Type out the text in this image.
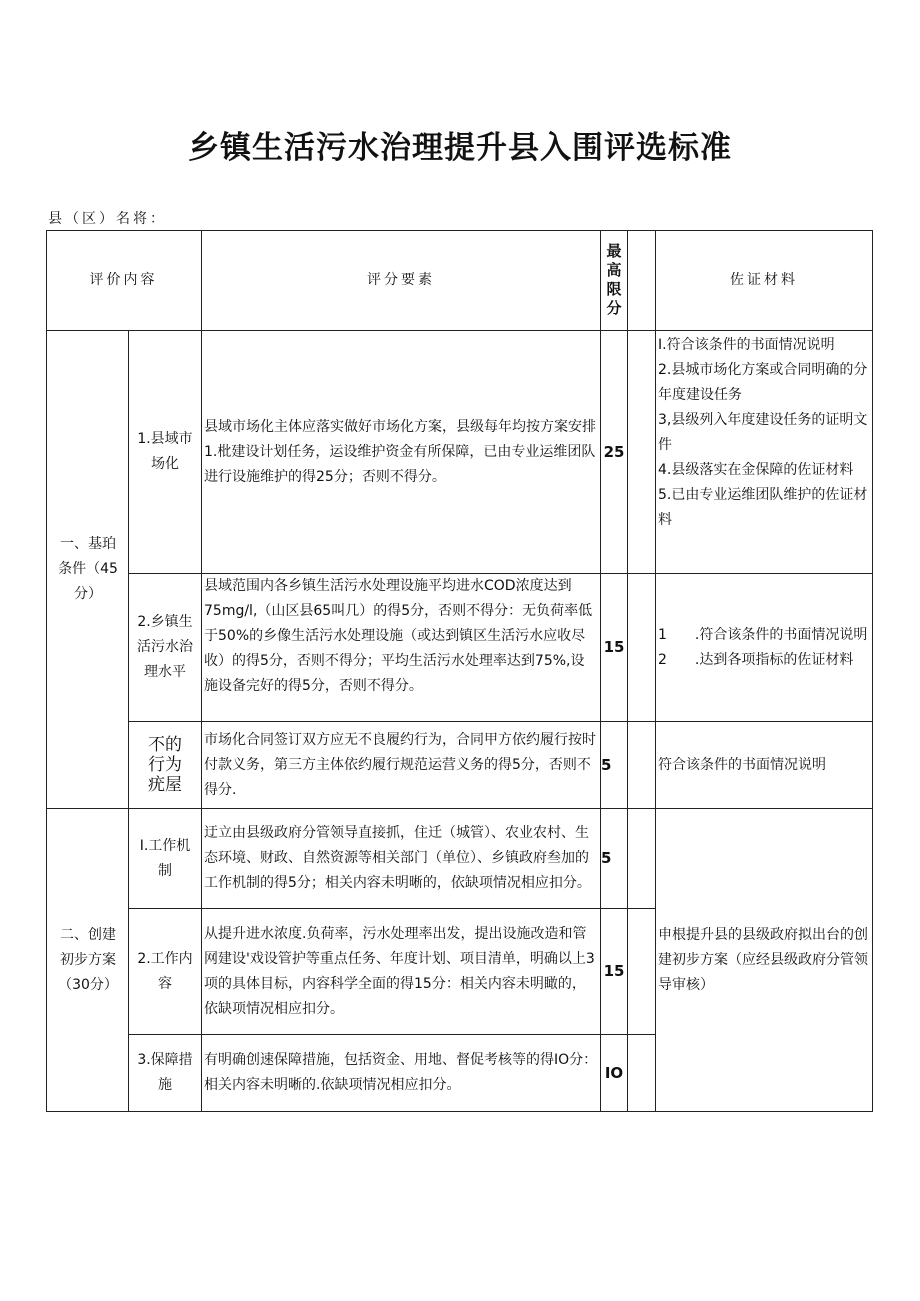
乡镇生活污水治理提升县入围评选标准
县（区）名将：
评价内容	评分要素
最
高
限
分
佐证材料
一、基珀
条件（45
分）
二、创建
初步方案
（30分）
1.县域市
场化
县域市场化主体应落实做好市场化方案，县级每年均按方案安排1.枇建设计划任务，运设维护资金有所保障，已由专业运维团队进行设施维护的得25分；否则不得分。
25
I.符合该条件的书面情况说明
2.县城市场化方案或合同明确的分年度建设任务
3,县级列入年度建设任务的证明文件
4.县级落实在金保障的佐证材料
5.已由专业运维团队维护的佐证材料
2.乡镇生
活污水治
理水平
县域范围内各乡镇生活污水处理设施平均进水COD浓度达到75mg/l,（山区县65叫几）的得5分，否则不得分：无负荷率低于50%的乡像生活污水处理设施（或达到镇区生活污水应收尽收）的得5分，否则不得分；平均生活污水处理率达到75%,设施设备完好的得5分，否则不得分。
15
1　　.符合该条件的书面情况说明
2　　.达到各项指标的佐证材料
不的
行为
疣屋
市场化合同签订双方应无不良履约行为，合同甲方依约履行按时付款义务，第三方主体依约履行规范运营义务的得5分，否则不得分.
5	符合该条件的书面情况说明
I.工作机
制
迂立由县级政府分管领导直接抓，住迁（城管）、农业农村、生态环境、财政、自然资源等相关部门（单位）、乡镇政府叁加的工作机制的得5分；相关内容未明晰的，依缺项情况相应扣分。
5
2.工作内
容
从提升进水浓度.负荷率，污水处理率出发，提出设施改造和管网建设'戏设管护等重点任务、年度计划、项目清单，明确以上3项的具体目标，内容科学全面的得15分：相关内容未明瞰的，依缺项情况相应扣分。
15
3.保障措
施
有明确创速保障措施，包括资金、用地、督促考核等的得IO分：相关内容未明晰的.依缺项情况相应扣分。
IO
申根提升县的县级政府拟出台的创建初步方案（应经县级政府分管领导审核）
